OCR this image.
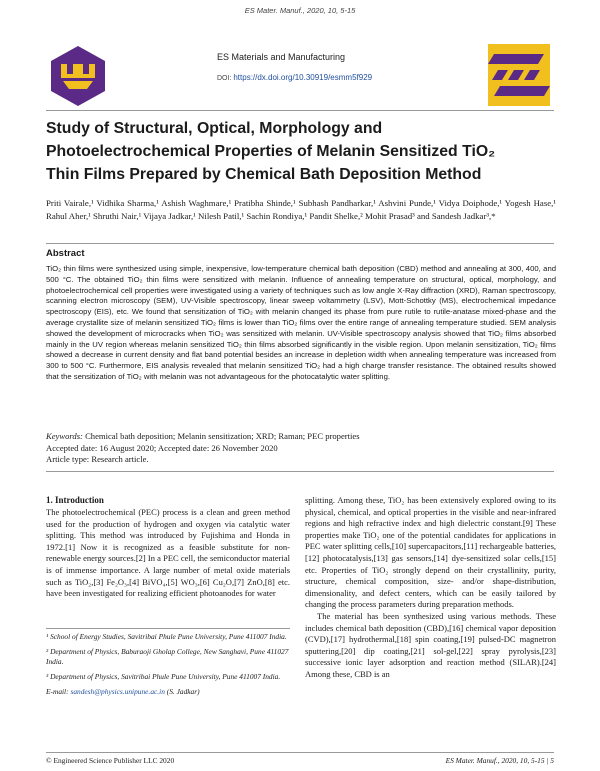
ES Mater. Manuf., 2020, 10, 5-15
ES Materials and Manufacturing
DOI: https://dx.doi.org/10.30919/esmm5f929
Study of Structural, Optical, Morphology and
Photoelectrochemical Properties of Melanin Sensitized TiO₂
Thin Films Prepared by Chemical Bath Deposition Method
Priti Vairale,¹ Vidhika Sharma,¹ Ashish Waghmare,¹ Pratibha Shinde,¹ Subhash Pandharkar,¹ Ashvini Punde,¹ Vidya Doiphode,¹ Yogesh Hase,¹ Rahul Aher,¹ Shruthi Nair,¹ Vijaya Jadkar,¹ Nilesh Patil,¹ Sachin Rondiya,¹ Pandit Shelke,² Mohit Prasad³ and Sandesh Jadkar³,*
Abstract

TiO₂ thin films were synthesized using simple, inexpensive, low-temperature chemical bath deposition (CBD) method and annealing at 300, 400, and 500 °C. The obtained TiO₂ thin films were sensitized with melanin. Influence of annealing temperature on structural, optical, morphology, and photoelectrochemical cell properties were investigated using a variety of techniques such as low angle X-Ray diffraction (XRD), Raman spectroscopy, scanning electron microscopy (SEM), UV-Visible spectroscopy, linear sweep voltammetry (LSV), Mott-Schottky (MS), electrochemical impedance spectroscopy (EIS), etc. We found that sensitization of TiO₂ with melanin changed its phase from pure rutile to rutile-anatase mixed-phase and the average crystallite size of melanin sensitized TiO₂ films is lower than TiO₂ films over the entire range of annealing temperature studied. SEM analysis showed the development of microcracks when TiO₂ was sensitized with melanin. UV-Visible spectroscopy analysis showed that TiO₂ films absorbed mainly in the UV region whereas melanin sensitized TiO₂ thin films absorbed significantly in the visible region. Upon melanin sensitization, TiO₂ films showed a decrease in current density and flat band potential besides an increase in depletion width when annealing temperature was increased from 300 to 500 °C. Furthermore, EIS analysis revealed that melanin sensitized TiO₂ had a high charge transfer resistance. The obtained results showed that the sensitization of TiO₂ with melanin was not advantageous for the photocatalytic water splitting.

Keywords: Chemical bath deposition; Melanin sensitization; XRD; Raman; PEC properties
Accepted date: 16 August 2020; Accepted date: 26 November 2020
Article type: Research article.
1. Introduction

The photoelectrochemical (PEC) process is a clean and green method used for the production of hydrogen and oxygen via catalytic water splitting. This method was introduced by Fujishima and Honda in 1972.[1] Now it is recognized as a feasible substitute for non-renewable energy sources.[2] In a PEC cell, the semiconductor material is of immense importance. A large number of metal oxide materials such as TiO₂,[3] Fe₂O₃,[4] BiVO₄,[5] WO₃,[6] Cu₂O,[7] ZnO,[8] etc. have been investigated for realizing efficient photoanodes for water

splitting. Among these, TiO₂ has been extensively explored owing to its physical, chemical, and optical properties in the visible and near-infrared regions and high refractive index and high dielectric constant.[9] These properties make TiO₂ one of the potential candidates for applications in PEC water splitting cells,[10] supercapacitors,[11] rechargeable batteries,[12] photocatalysis,[13] gas sensors,[14] dye-sensitized solar cells,[15] etc. Properties of TiO₂ strongly depend on their crystallinity, purity, structure, chemical composition, size- and/or shape-distribution, dimensionality, and defect centers, which can be easily tailored by changing the process parameters during preparation methods.

The material has been synthesized using various methods. These includes chemical bath deposition (CBD),[16] chemical vapor deposition (CVD),[17] hydrothermal,[18] spin coating,[19] pulsed-DC magnetron sputtering,[20] dip coating,[21] sol-gel,[22] spray pyrolysis,[23] successive ionic layer adsorption and reaction method (SILAR).[24] Among these, CBD is an

¹ School of Energy Studies, Savitribai Phule Pune University, Pune 411007 India.

² Department of Physics, Baburaoji Gholap College, New Sanghavi, Pune 411027 India.

³ Department of Physics, Savitribai Phule Pune University, Pune 411007 India.

E-mail: sandesh@physics.unipune.ac.in (S. Jadkar)

© Engineered Science Publisher LLC 2020	ES Mater. Manuf., 2020, 10, 5-15 | 5
